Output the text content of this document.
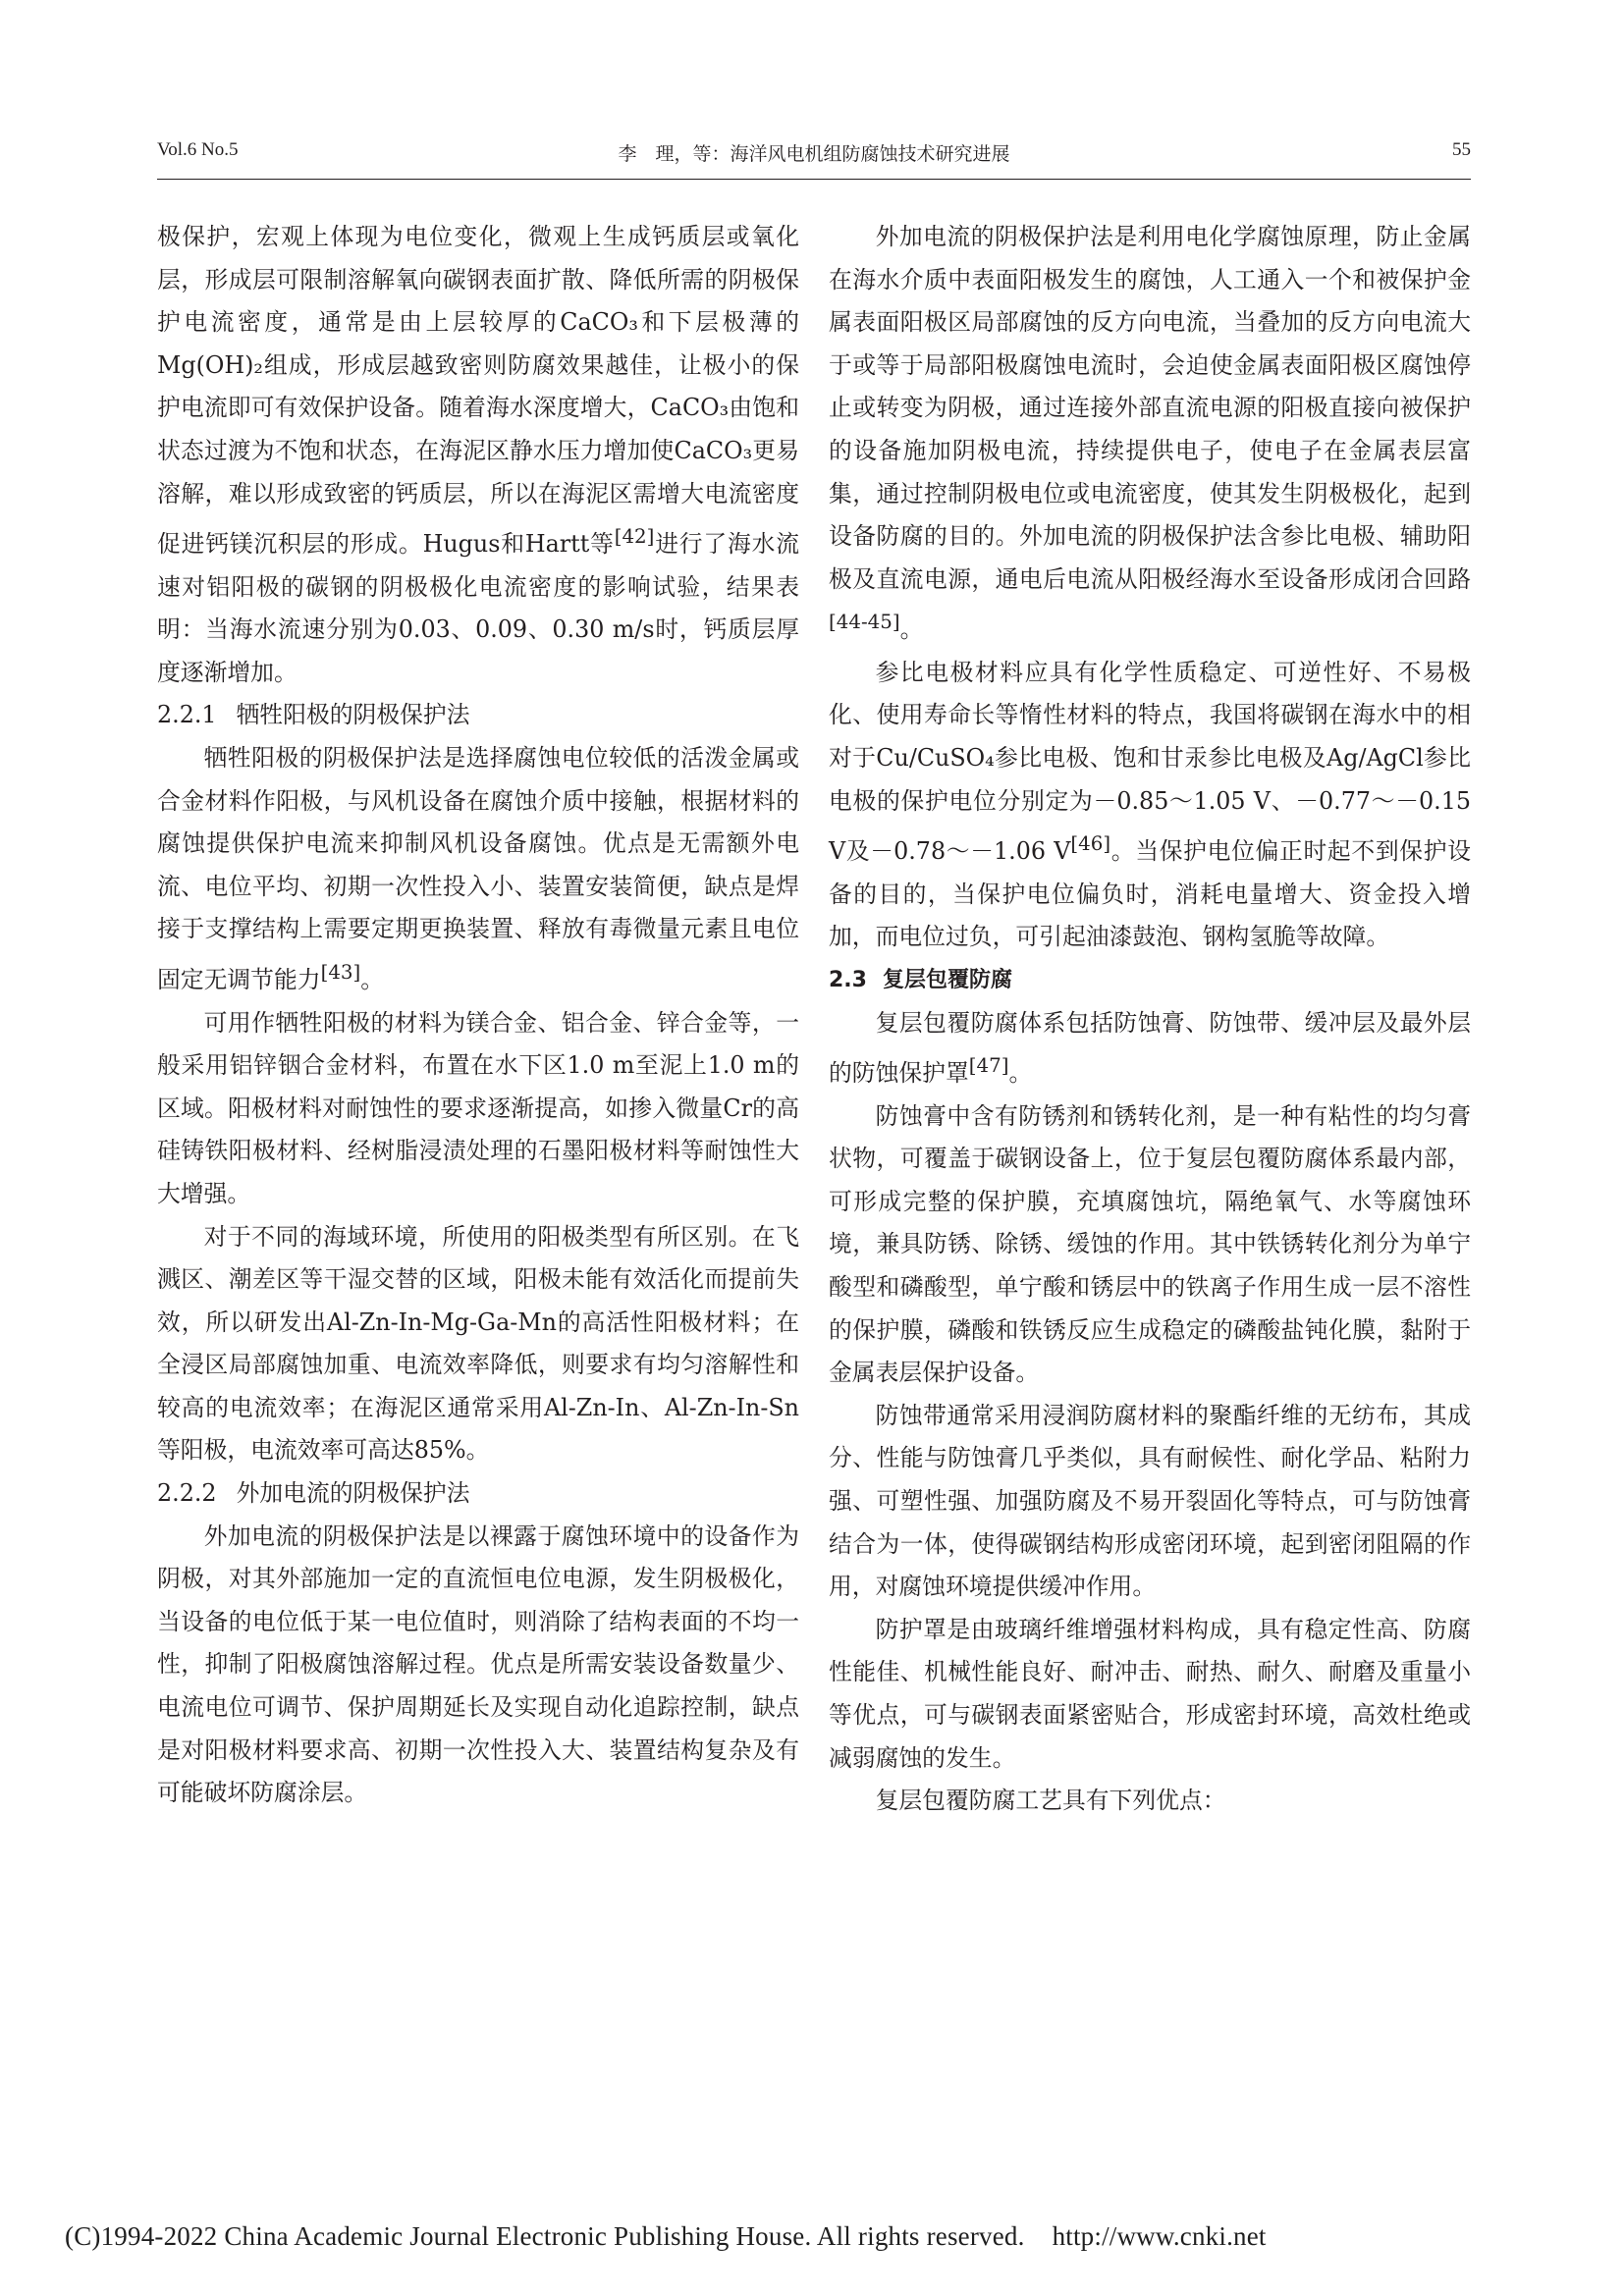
Vol.6 No.5	李　理，等：海洋风电机组防腐蚀技术研究进展	55

极保护，宏观上体现为电位变化，微观上生成钙质层或氧化层，形成层可限制溶解氧向碳钢表面扩散、降低所需的阴极保护电流密度，通常是由上层较厚的CaCO₃和下层极薄的Mg(OH)₂组成，形成层越致密则防腐效果越佳，让极小的保护电流即可有效保护设备。随着海水深度增大，CaCO₃由饱和状态过渡为不饱和状态，在海泥区静水压力增加使CaCO₃更易溶解，难以形成致密的钙质层，所以在海泥区需增大电流密度促进钙镁沉积层的形成。Hugus和Hartt等[42]进行了海水流速对铝阳极的碳钢的阴极极化电流密度的影响试验，结果表明：当海水流速分别为0.03、0.09、0.30 m/s时，钙质层厚度逐渐增加。

2.2.1 牺牲阳极的阴极保护法

牺牲阳极的阴极保护法是选择腐蚀电位较低的活泼金属或合金材料作阳极，与风机设备在腐蚀介质中接触，根据材料的腐蚀提供保护电流来抑制风机设备腐蚀。优点是无需额外电流、电位平均、初期一次性投入小、装置安装简便，缺点是焊接于支撑结构上需要定期更换装置、释放有毒微量元素且电位固定无调节能力[43]。

可用作牺牲阳极的材料为镁合金、铝合金、锌合金等，一般采用铝锌铟合金材料，布置在水下区1.0 m至泥上1.0 m的区域。阳极材料对耐蚀性的要求逐渐提高，如掺入微量Cr的高硅铸铁阳极材料、经树脂浸渍处理的石墨阳极材料等耐蚀性大大增强。

对于不同的海域环境，所使用的阳极类型有所区别。在飞溅区、潮差区等干湿交替的区域，阳极未能有效活化而提前失效，所以研发出Al-Zn-In-Mg-Ga-Mn的高活性阳极材料；在全浸区局部腐蚀加重、电流效率降低，则要求有均匀溶解性和较高的电流效率；在海泥区通常采用Al-Zn-In、Al-Zn-In-Sn等阳极，电流效率可高达85%。

2.2.2 外加电流的阴极保护法

外加电流的阴极保护法是以裸露于腐蚀环境中的设备作为阴极，对其外部施加一定的直流恒电位电源，发生阴极极化，当设备的电位低于某一电位值时，则消除了结构表面的不均一性，抑制了阳极腐蚀溶解过程。优点是所需安装设备数量少、电流电位可调节、保护周期延长及实现自动化追踪控制，缺点是对阳极材料要求高、初期一次性投入大、装置结构复杂及有可能破坏防腐涂层。

外加电流的阴极保护法是利用电化学腐蚀原理，防止金属在海水介质中表面阳极发生的腐蚀，人工通入一个和被保护金属表面阳极区局部腐蚀的反方向电流，当叠加的反方向电流大于或等于局部阳极腐蚀电流时，会迫使金属表面阳极区腐蚀停止或转变为阴极，通过连接外部直流电源的阳极直接向被保护的设备施加阴极电流，持续提供电子，使电子在金属表层富集，通过控制阴极电位或电流密度，使其发生阴极极化，起到设备防腐的目的。外加电流的阴极保护法含参比电极、辅助阳极及直流电源，通电后电流从阳极经海水至设备形成闭合回路[44-45]。

参比电极材料应具有化学性质稳定、可逆性好、不易极化、使用寿命长等惰性材料的特点，我国将碳钢在海水中的相对于Cu/CuSO₄参比电极、饱和甘汞参比电极及Ag/AgCl参比电极的保护电位分别定为－0.85～1.05 V、－0.77～－0.15 V及－0.78～－1.06 V[46]。当保护电位偏正时起不到保护设备的目的，当保护电位偏负时，消耗电量增大、资金投入增加，而电位过负，可引起油漆鼓泡、钢构氢脆等故障。

2.3 复层包覆防腐

复层包覆防腐体系包括防蚀膏、防蚀带、缓冲层及最外层的防蚀保护罩[47]。

防蚀膏中含有防锈剂和锈转化剂，是一种有粘性的均匀膏状物，可覆盖于碳钢设备上，位于复层包覆防腐体系最内部，可形成完整的保护膜，充填腐蚀坑，隔绝氧气、水等腐蚀环境，兼具防锈、除锈、缓蚀的作用。其中铁锈转化剂分为单宁酸型和磷酸型，单宁酸和锈层中的铁离子作用生成一层不溶性的保护膜，磷酸和铁锈反应生成稳定的磷酸盐钝化膜，黏附于金属表层保护设备。

防蚀带通常采用浸润防腐材料的聚酯纤维的无纺布，其成分、性能与防蚀膏几乎类似，具有耐候性、耐化学品、粘附力强、可塑性强、加强防腐及不易开裂固化等特点，可与防蚀膏结合为一体，使得碳钢结构形成密闭环境，起到密闭阻隔的作用，对腐蚀环境提供缓冲作用。

防护罩是由玻璃纤维增强材料构成，具有稳定性高、防腐性能佳、机械性能良好、耐冲击、耐热、耐久、耐磨及重量小等优点，可与碳钢表面紧密贴合，形成密封环境，高效杜绝或减弱腐蚀的发生。

复层包覆防腐工艺具有下列优点：

(C)1994-2022 China Academic Journal Electronic Publishing House. All rights reserved. http://www.cnki.net
